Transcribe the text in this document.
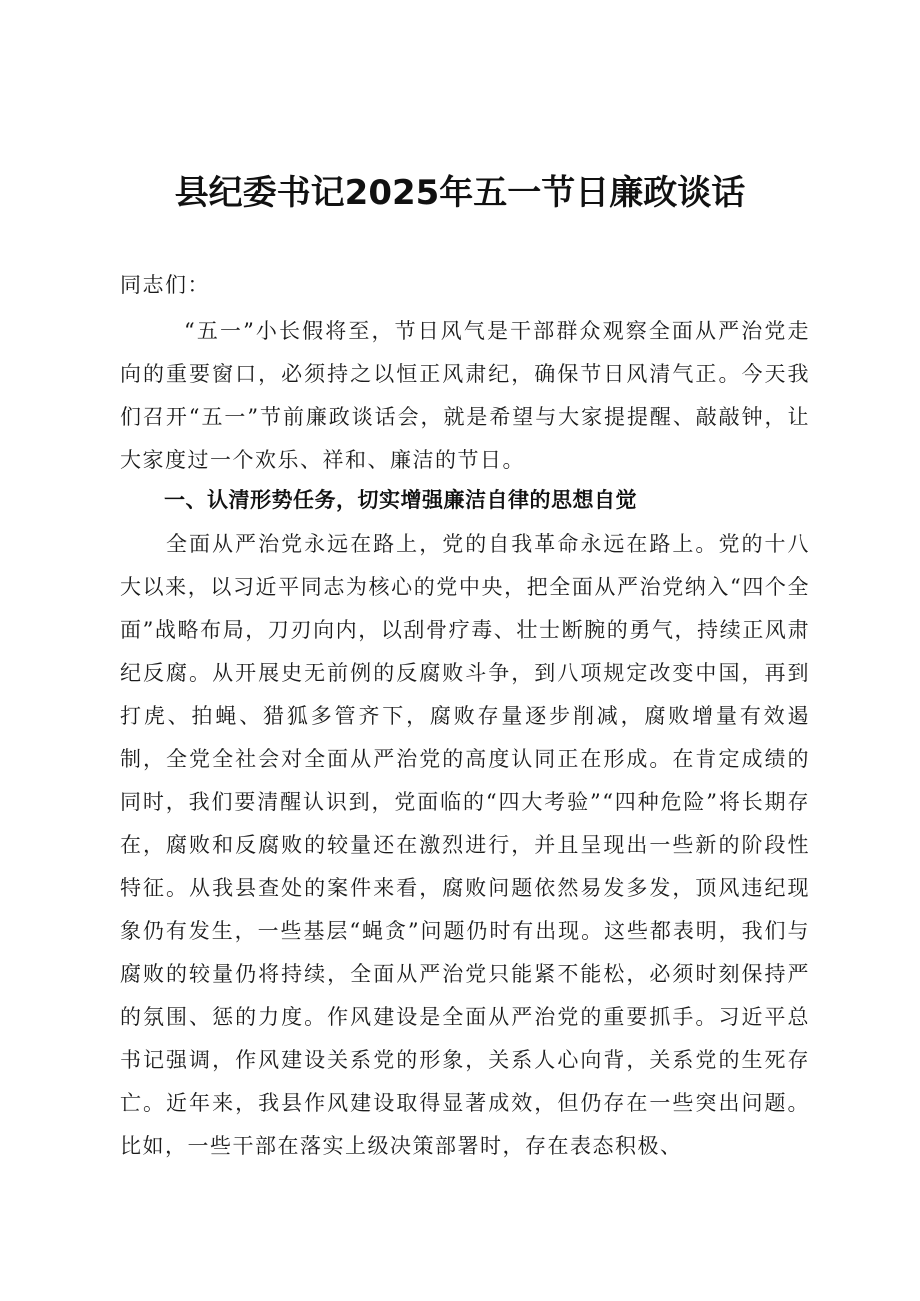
县纪委书记2025年五一节日廉政谈话

同志们：

“五一”小长假将至，节日风气是干部群众观察全面从严治党走向的重要窗口，必须持之以恒正风肃纪，确保节日风清气正。今天我们召开“五一”节前廉政谈话会，就是希望与大家提提醒、敲敲钟，让大家度过一个欢乐、祥和、廉洁的节日。

一、认清形势任务，切实增强廉洁自律的思想自觉

全面从严治党永远在路上，党的自我革命永远在路上。党的十八大以来，以习近平同志为核心的党中央，把全面从严治党纳入“四个全面”战略布局，刀刃向内，以刮骨疗毒、壮士断腕的勇气，持续正风肃纪反腐。从开展史无前例的反腐败斗争，到八项规定改变中国，再到打虎、拍蝇、猎狐多管齐下，腐败存量逐步削减，腐败增量有效遏制，全党全社会对全面从严治党的高度认同正在形成。在肯定成绩的同时，我们要清醒认识到，党面临的“四大考验”“四种危险”将长期存在，腐败和反腐败的较量还在激烈进行，并且呈现出一些新的阶段性特征。从我县查处的案件来看，腐败问题依然易发多发，顶风违纪现象仍有发生，一些基层“蝇贪”问题仍时有出现。这些都表明，我们与腐败的较量仍将持续，全面从严治党只能紧不能松，必须时刻保持严的氛围、惩的力度。作风建设是全面从严治党的重要抓手。习近平总书记强调，作风建设关系党的形象，关系人心向背，关系党的生死存亡。近年来，我县作风建设取得显著成效，但仍存在一些突出问题。比如，一些干部在落实上级决策部署时，存在表态积极、
